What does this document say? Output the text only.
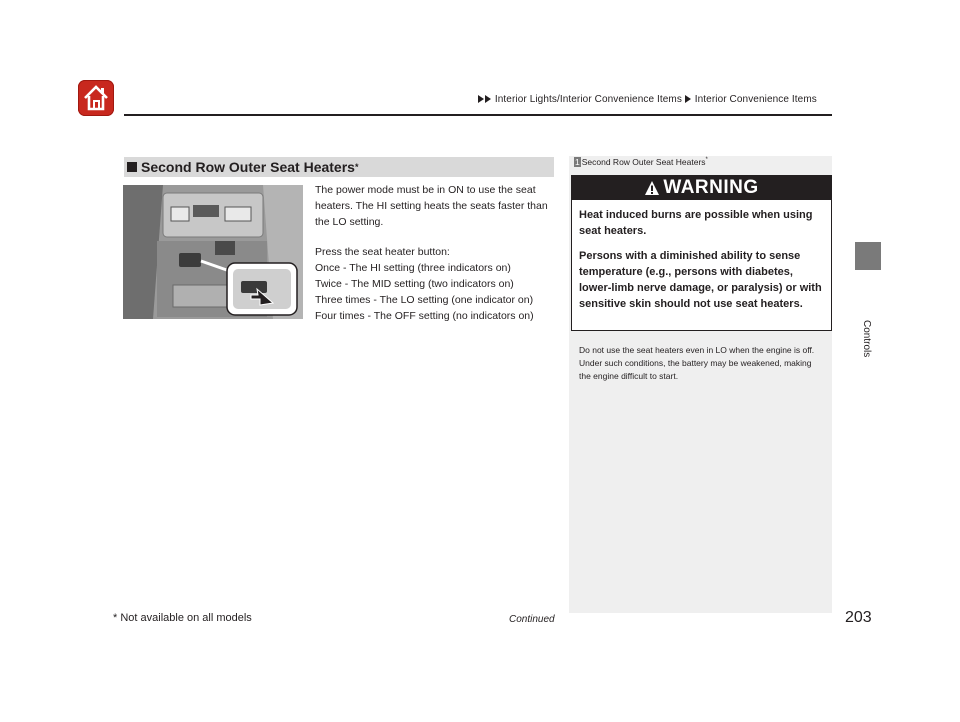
Interior Lights/Interior Convenience Items Interior Convenience Items
Controls
Second Row Outer Seat Heaters *

The power mode must be in ON to use the seat heaters. The HI setting heats the seats faster than the LO setting.

Press the seat heater button:

Once - The HI setting (three indicators on)

Twice - The MID setting (two indicators on)

Three times - The LO setting (one indicator on)

Four times - The OFF setting (no indicators on)

1 Second Row Outer Seat Heaters*
WARNING

Heat induced burns are possible when using seat heaters.

Persons with a diminished ability to sense temperature (e.g., persons with diabetes, lower-limb nerve damage, or paralysis) or with sensitive skin should not use seat heaters.

Do not use the seat heaters even in LO when the engine is off. Under such conditions, the battery may be weakened, making the engine difficult to start.
* Not available on all models	Continued	203
